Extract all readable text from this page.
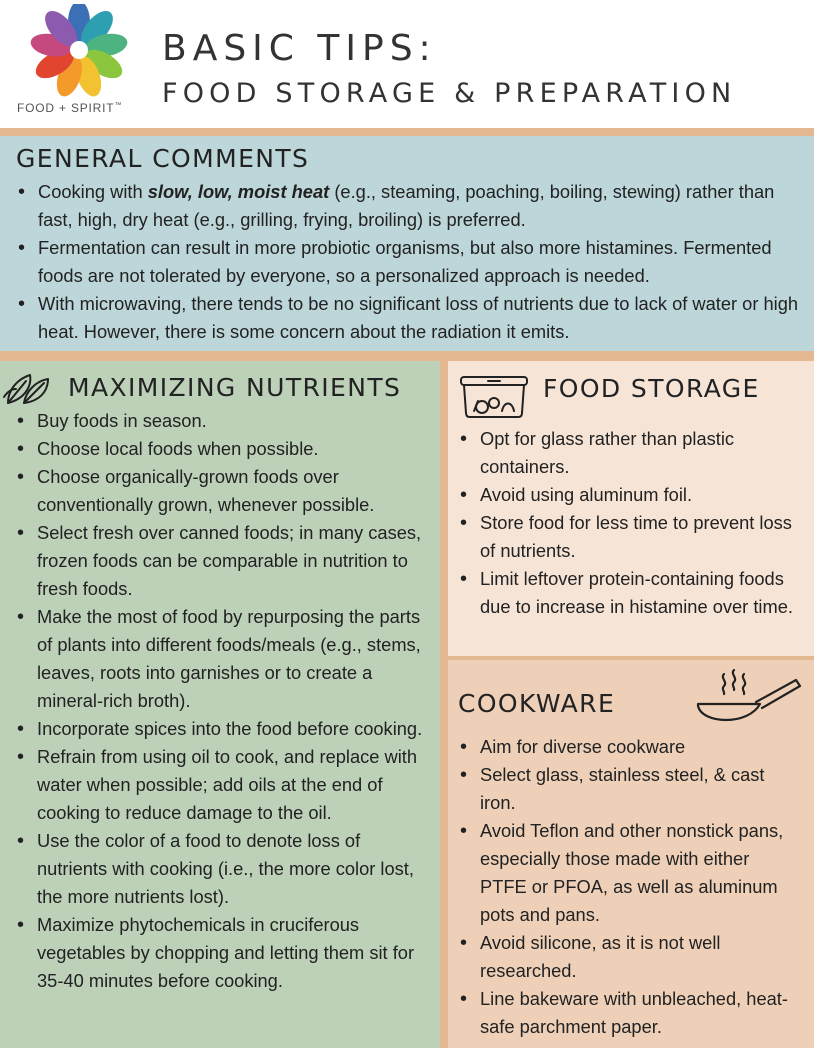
FOOD + SPIRIT™
BASIC TIPS:
FOOD STORAGE & PREPARATION
GENERAL COMMENTS
• Cooking with slow, low, moist heat (e.g., steaming, poaching, boiling, stewing) rather than fast, high, dry heat (e.g., grilling, frying, broiling) is preferred.
• Fermentation can result in more probiotic organisms, but also more histamines. Fermented foods are not tolerated by everyone, so a personalized approach is needed.
• With microwaving, there tends to be no significant loss of nutrients due to lack of water or high heat. However, there is some concern about the radiation it emits.
MAXIMIZING NUTRIENTS
• Buy foods in season.
• Choose local foods when possible.
• Choose organically-grown foods over conventionally grown, whenever possible.
• Select fresh over canned foods; in many cases, frozen foods can be comparable in nutrition to fresh foods.
• Make the most of food by repurposing the parts of plants into different foods/meals (e.g., stems, leaves, roots into garnishes or to create a mineral-rich broth).
• Incorporate spices into the food before cooking.
• Refrain from using oil to cook, and replace with water when possible; add oils at the end of cooking to reduce damage to the oil.
• Use the color of a food to denote loss of nutrients with cooking (i.e., the more color lost, the more nutrients lost).
• Maximize phytochemicals in cruciferous vegetables by chopping and letting them sit for 35-40 minutes before cooking.
FOOD STORAGE
• Opt for glass rather than plastic containers.
• Avoid using aluminum foil.
• Store food for less time to prevent loss of nutrients.
• Limit leftover protein-containing foods due to increase in histamine over time.
COOKWARE
• Aim for diverse cookware
• Select glass, stainless steel, & cast iron.
• Avoid Teflon and other nonstick pans, especially those made with either PTFE or PFOA, as well as aluminum pots and pans.
• Avoid silicone, as it is not well researched.
• Line bakeware with unbleached, heat-safe parchment paper.
